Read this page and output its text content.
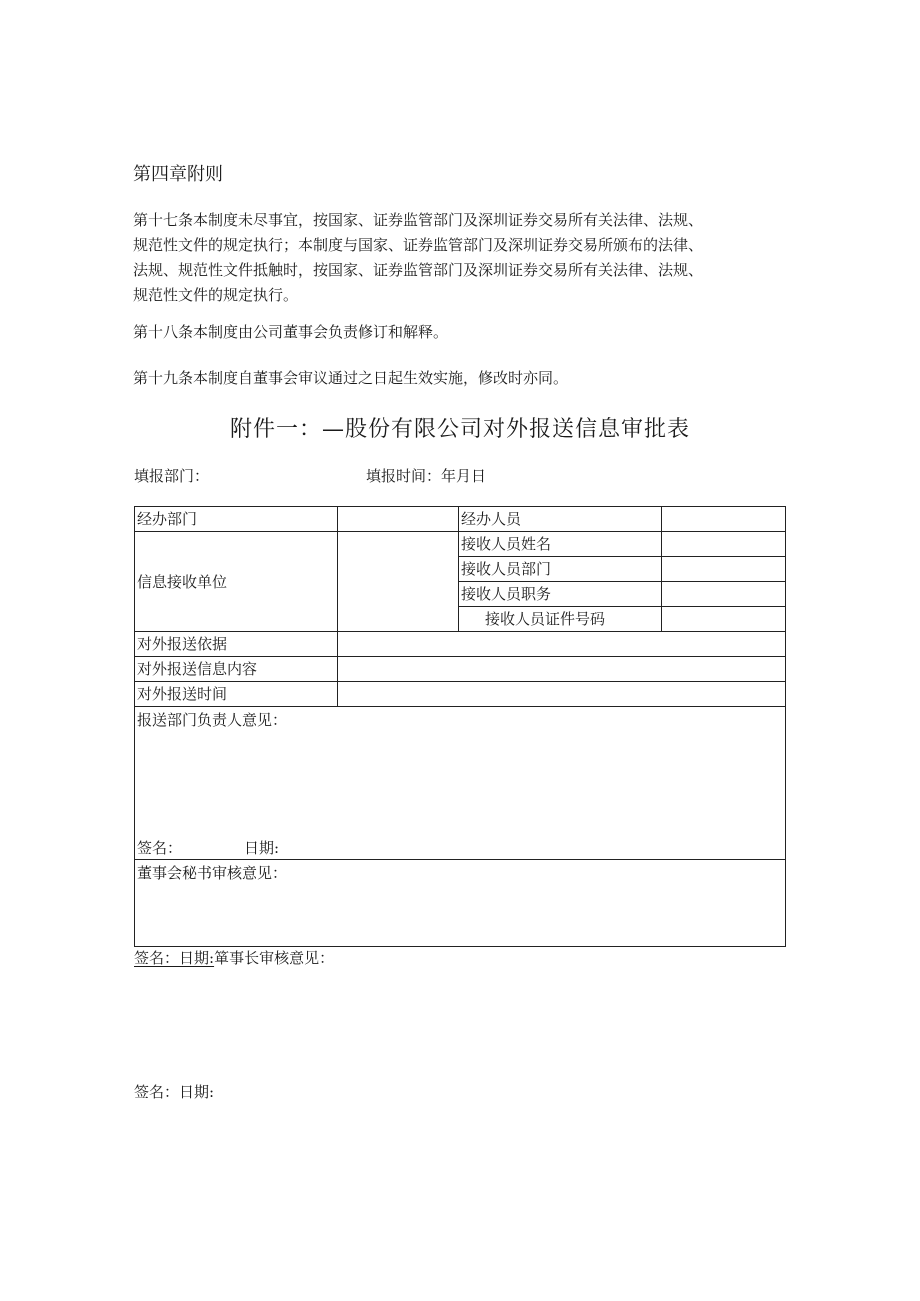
第四章附则
第十七条本制度未尽事宜，按国家、证券监管部门及深圳证券交易所有关法律、法规、
规范性文件的规定执行；本制度与国家、证券监管部门及深圳证券交易所颁布的法律、
法规、规范性文件抵触时，按国家、证券监管部门及深圳证券交易所有关法律、法规、
规范性文件的规定执行。
第十八条本制度由公司董事会负责修订和解释。
第十九条本制度自董事会审议通过之日起生效实施，修改时亦同。
附件一：—股份有限公司对外报送信息审批表
填报部门：	填报时间：年月日
经办部门		经办人员	
信息接收单位		接收人员姓名	
		接收人员部门	
		接收人员职务	
		接收人员证件号码	
对外报送依据			
对外报送信息内容			
对外报送时间			

报送部门负责人意见：
签名： 日期:			

董事会秘书审核意见：			
签名：日期:箪事长审核意见：
签名：日期:
